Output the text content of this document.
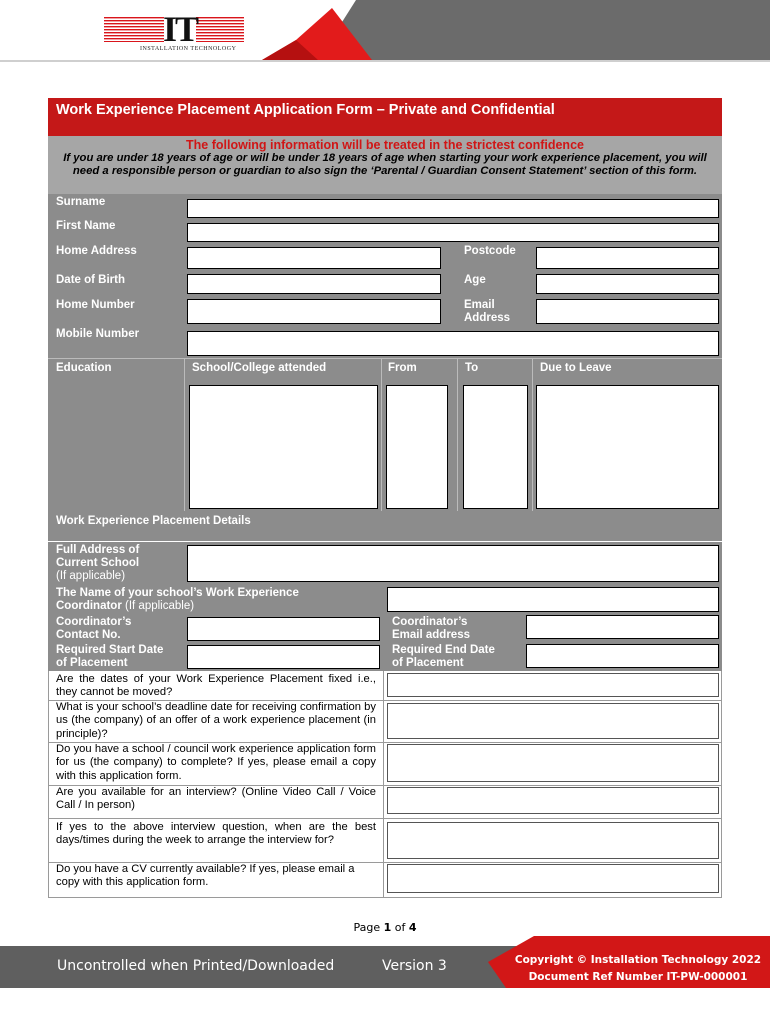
IT
INSTALLATION TECHNOLOGY
Work Experience Placement Application Form – Private and Confidential
The following information will be treated in the strictest confidence
If you are under 18 years of age or will be under 18 years of age when starting your work experience placement, you will need a responsible person or guardian to also sign the ‘Parental / Guardian Consent Statement’ section of this form.
Surname
First Name
Home Address	Postcode
Date of Birth	Age
Home Number	Email
Address
Mobile Number
Education	School/College attended	From	To	Due to Leave
Work Experience Placement Details
Full Address of
Current School
(If applicable)
The Name of your school’s Work Experience
Coordinator (If applicable)
Coordinator’s
Contact No.
Coordinator’s
Email address
Required Start Date
of Placement
Required End Date
of Placement
Are the dates of your Work Experience Placement fixed i.e., they cannot be moved?
What is your school’s deadline date for receiving confirmation by us (the company) of an offer of a work experience placement (in principle)?
Do you have a school / council work experience application form for us (the company) to complete? If yes, please email a copy with this application form.
Are you available for an interview? (Online Video Call / Voice Call / In person)
If yes to the above interview question, when are the best days/times during the week to arrange the interview for?
Do you have a CV currently available? If yes, please email a copy with this application form.
Page 1 of 4
Uncontrolled when Printed/Downloaded	Version 3	Copyright © Installation Technology 2022
Document Ref Number IT-PW-000001
